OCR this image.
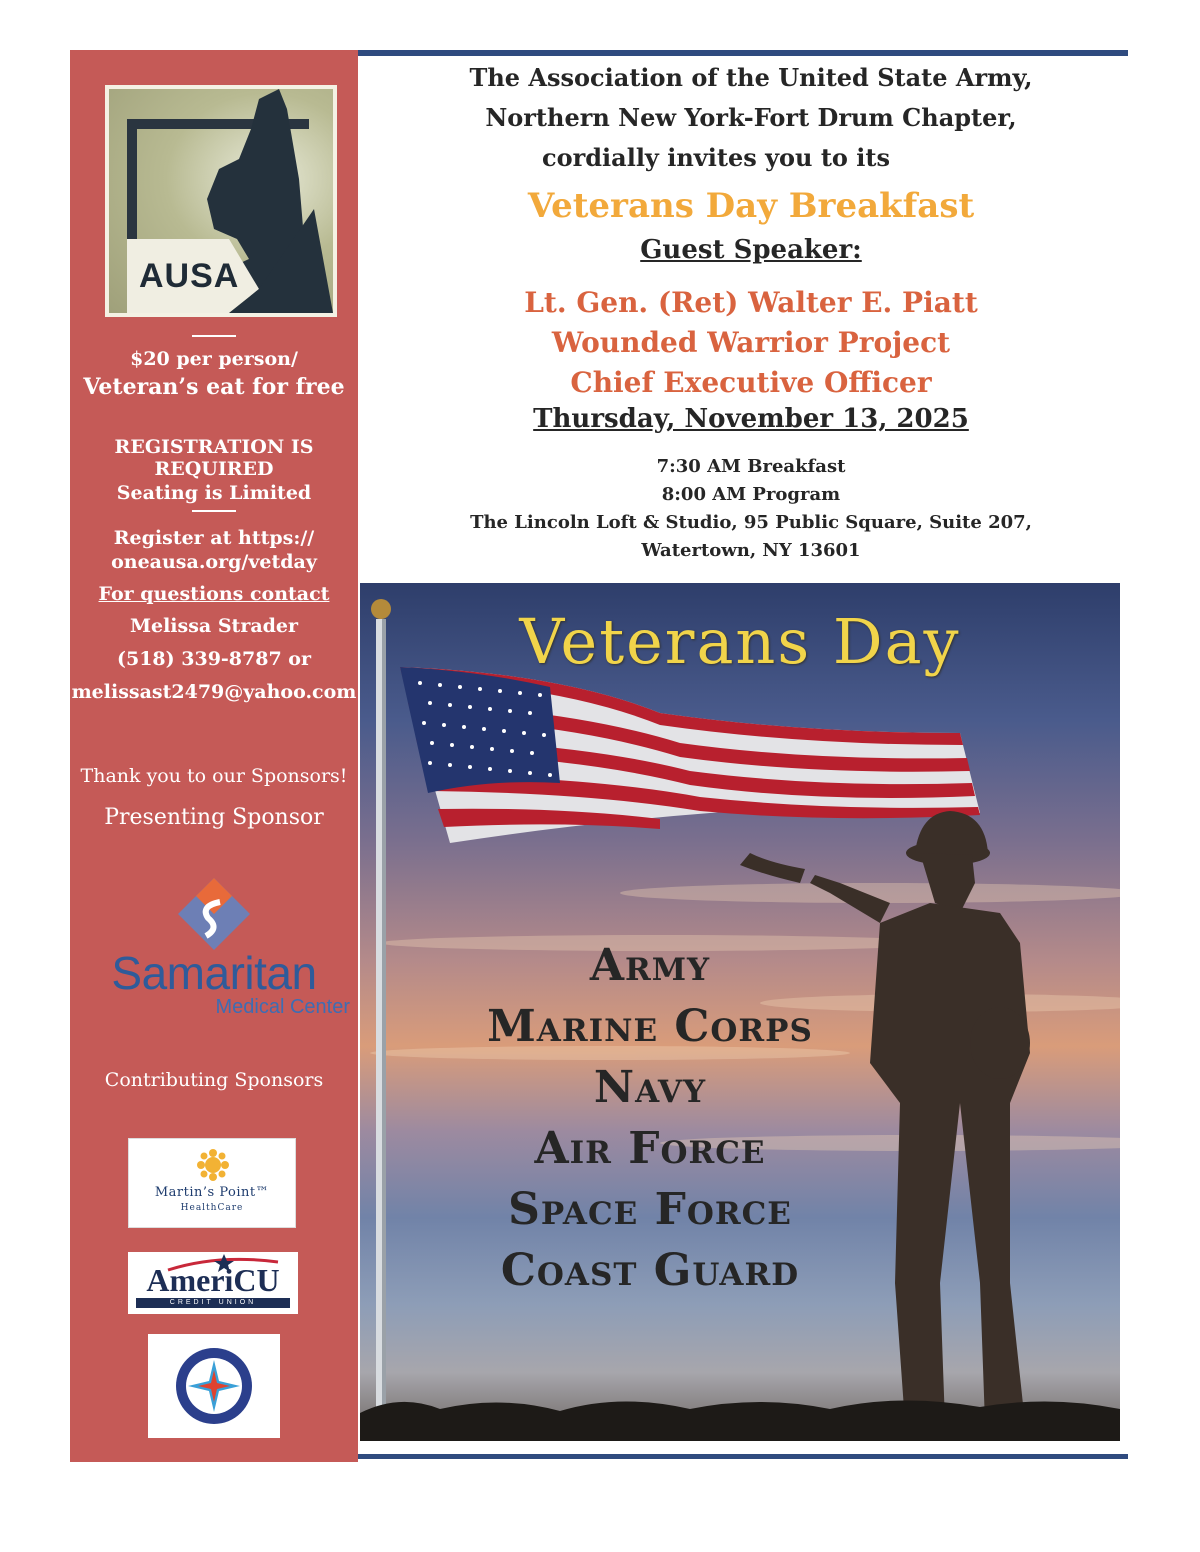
AUSA
$20 per person/
Veteran’s eat for free
REGISTRATION IS
REQUIRED
Seating is Limited
Register at https://
oneausa.org/vetday
For questions contact
Melissa Strader
(518) 339-8787 or
melissast2479@yahoo.com
Thank you to our Sponsors!
Presenting Sponsor
Samaritan
Medical Center
Contributing Sponsors
Martin’s Point™
HealthCare
AmeriCU
CREDIT UNION
The Association of the United State Army,
Northern New York-Fort Drum Chapter,
cordially invites you to its
Veterans Day Breakfast
Guest Speaker:
Lt. Gen. (Ret) Walter E. Piatt
Wounded Warrior Project
Chief Executive Officer
Thursday, November 13, 2025
7:30 AM Breakfast
8:00 AM Program
The Lincoln Loft & Studio, 95 Public Square, Suite 207,
Watertown, NY 13601
Veterans Day
Army
Marine Corps
Navy
Air Force
Space Force
Coast Guard
